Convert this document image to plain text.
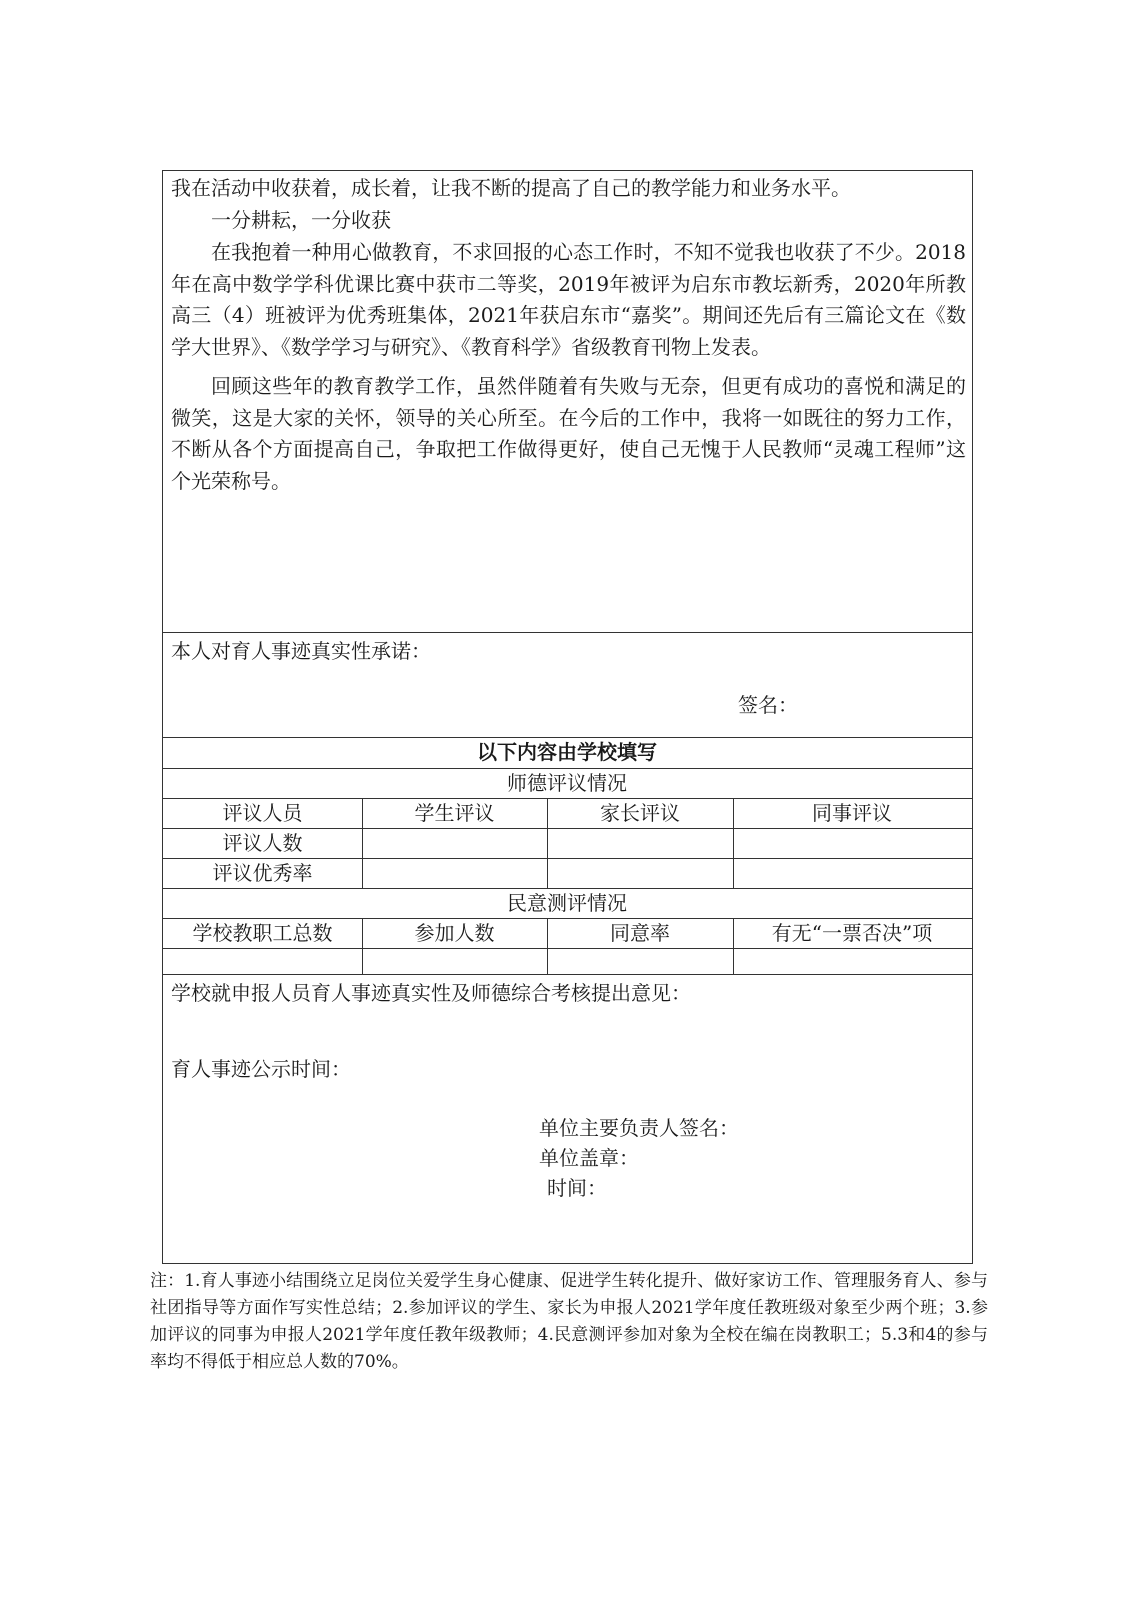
我在活动中收获着，成长着，让我不断的提高了自己的教学能力和业务水平。

一分耕耘，一分收获

在我抱着一种用心做教育，不求回报的心态工作时，不知不觉我也收获了不少。2018年在高中数学学科优课比赛中获市二等奖，2019年被评为启东市教坛新秀，2020年所教高三（4）班被评为优秀班集体，2021年获启东市“嘉奖”。期间还先后有三篇论文在《数学大世界》、《数学学习与研究》、《教育科学》省级教育刊物上发表。

回顾这些年的教育教学工作，虽然伴随着有失败与无奈，但更有成功的喜悦和满足的微笑，这是大家的关怀，领导的关心所至。在今后的工作中，我将一如既往的努力工作，不断从各个方面提高自己，争取把工作做得更好，使自己无愧于人民教师“灵魂工程师”这个光荣称号。

本人对育人事迹真实性承诺：
签名：
以下内容由学校填写
师德评议情况
评议人员	学生评议	家长评议	同事评议
评议人数
评议优秀率
民意测评情况
学校教职工总数	参加人数	同意率	有无“一票否决”项
学校就申报人员育人事迹真实性及师德综合考核提出意见：
育人事迹公示时间：
单位主要负责人签名：
单位盖章：
时间：

注：1.育人事迹小结围绕立足岗位关爱学生身心健康、促进学生转化提升、做好家访工作、管理服务育人、参与社团指导等方面作写实性总结；2.参加评议的学生、家长为申报人2021学年度任教班级对象至少两个班；3.参加评议的同事为申报人2021学年度任教年级教师；4.民意测评参加对象为全校在编在岗教职工；5.3和4的参与率均不得低于相应总人数的70%。
